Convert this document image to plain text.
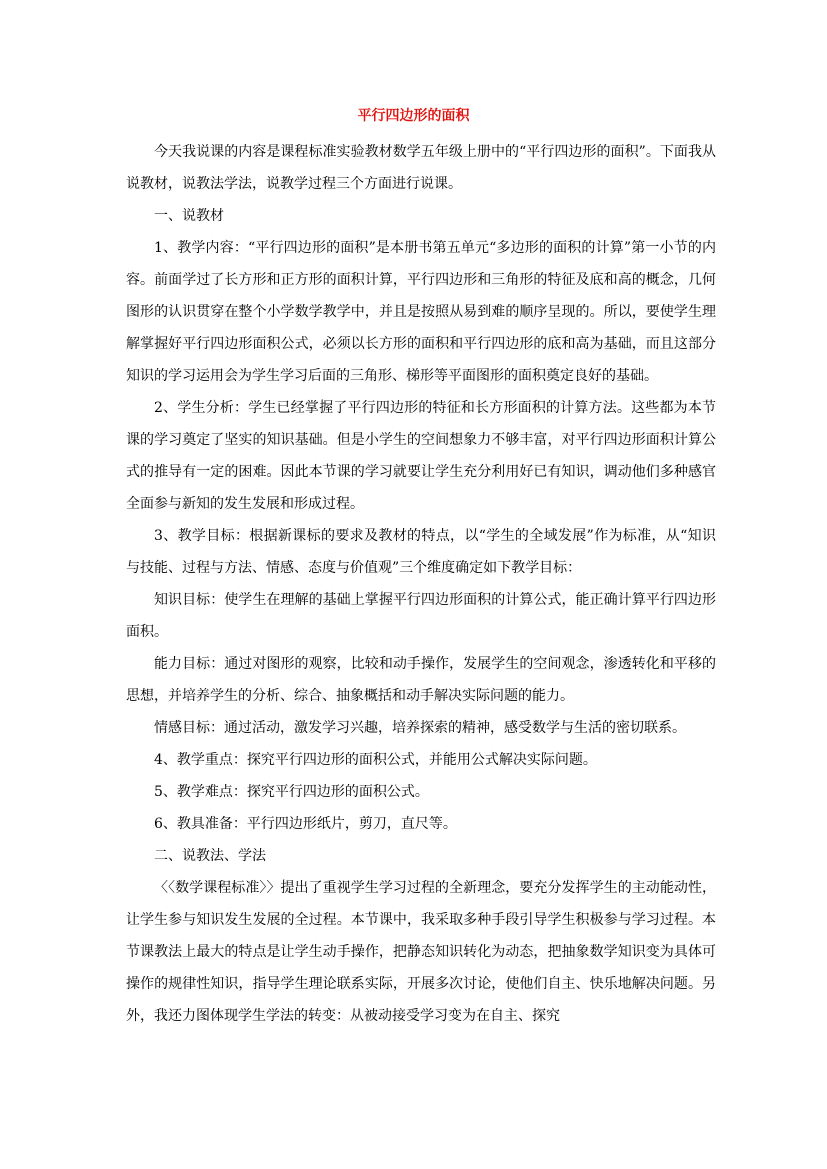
平行四边形的面积

今天我说课的内容是课程标准实验教材数学五年级上册中的“平行四边形的面积”。下面我从说教材，说教法学法，说教学过程三个方面进行说课。

一、说教材

1、教学内容：“平行四边形的面积”是本册书第五单元“多边形的面积的计算”第一小节的内容。前面学过了长方形和正方形的面积计算，平行四边形和三角形的特征及底和高的概念，几何图形的认识贯穿在整个小学数学教学中，并且是按照从易到难的顺序呈现的。所以，要使学生理解掌握好平行四边形面积公式，必须以长方形的面积和平行四边形的底和高为基础，而且这部分知识的学习运用会为学生学习后面的三角形、梯形等平面图形的面积奠定良好的基础。

2、学生分析：学生已经掌握了平行四边形的特征和长方形面积的计算方法。这些都为本节课的学习奠定了坚实的知识基础。但是小学生的空间想象力不够丰富，对平行四边形面积计算公式的推导有一定的困难。因此本节课的学习就要让学生充分利用好已有知识，调动他们多种感官全面参与新知的发生发展和形成过程。

3、教学目标：根据新课标的要求及教材的特点，以“学生的全域发展”作为标准，从“知识与技能、过程与方法、情感、态度与价值观”三个维度确定如下教学目标：

知识目标：使学生在理解的基础上掌握平行四边形面积的计算公式，能正确计算平行四边形面积。

能力目标：通过对图形的观察，比较和动手操作，发展学生的空间观念，渗透转化和平移的思想，并培养学生的分析、综合、抽象概括和动手解决实际问题的能力。

情感目标：通过活动，激发学习兴趣，培养探索的精神，感受数学与生活的密切联系。

4、教学重点：探究平行四边形的面积公式，并能用公式解决实际问题。

5、教学难点：探究平行四边形的面积公式。

6、教具准备：平行四边形纸片，剪刀，直尺等。

二、说教法、学法

〈〈数学课程标准〉〉提出了重视学生学习过程的全新理念，要充分发挥学生的主动能动性，让学生参与知识发生发展的全过程。本节课中，我采取多种手段引导学生积极参与学习过程。本节课教法上最大的特点是让学生动手操作，把静态知识转化为动态，把抽象数学知识变为具体可操作的规律性知识，指导学生理论联系实际，开展多次讨论，使他们自主、快乐地解决问题。另外，我还力图体现学生学法的转变：从被动接受学习变为在自主、探究
